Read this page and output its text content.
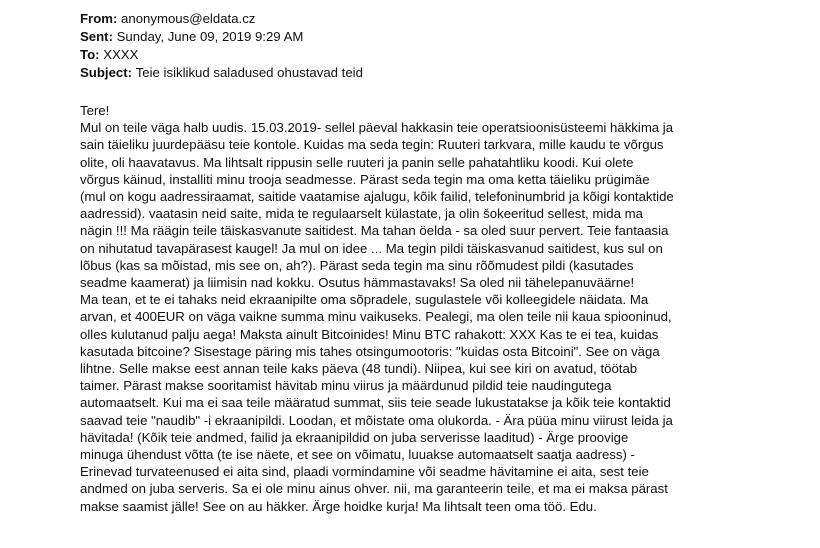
From: anonymous@eldata.cz
Sent: Sunday, June 09, 2019 9:29 AM
To: XXXX
Subject: Teie isiklikud saladused ohustavad teid
Tere!
Mul on teile väga halb uudis. 15.03.2019- sellel päeval hakkasin teie operatsioonisüsteemi häkkima ja
sain täieliku juurdepääsu teie kontole. Kuidas ma seda tegin: Ruuteri tarkvara, mille kaudu te võrgus
olite, oli haavatavus. Ma lihtsalt rippusin selle ruuteri ja panin selle pahatahtliku koodi. Kui olete
võrgus käinud, installiti minu trooja seadmesse. Pärast seda tegin ma oma ketta täieliku prügimäe
(mul on kogu aadressiraamat, saitide vaatamise ajalugu, kõik failid, telefoninumbrid ja kõigi kontaktide
aadressid). vaatasin neid saite, mida te regulaarselt külastate, ja olin šokeeritud sellest, mida ma
nägin !!! Ma räägin teile täiskasvanute saitidest. Ma tahan öelda - sa oled suur pervert. Teie fantaasia
on nihutatud tavapärasest kaugel! Ja mul on idee ... Ma tegin pildi täiskasvanud saitidest, kus sul on
lõbus (kas sa mõistad, mis see on, ah?). Pärast seda tegin ma sinu rõõmudest pildi (kasutades
seadme kaamerat) ja liimisin nad kokku. Osutus hämmastavaks! Sa oled nii tähelepanuväärne!
Ma tean, et te ei tahaks neid ekraanipilte oma sõpradele, sugulastele või kolleegidele näidata. Ma
arvan, et 400EUR on väga vaikne summa minu vaikuseks. Pealegi, ma olen teile nii kaua spiooninud,
olles kulutanud palju aega! Maksta ainult Bitcoinides! Minu BTC rahakott: XXX Kas te ei tea, kuidas
kasutada bitcoine? Sisestage päring mis tahes otsingumootoris: "kuidas osta Bitcoini". See on väga
lihtne. Selle makse eest annan teile kaks päeva (48 tundi). Niipea, kui see kiri on avatud, töötab
taimer. Pärast makse sooritamist hävitab minu viirus ja määrdunud pildid teie naudingutega
automaatselt. Kui ma ei saa teile määratud summat, siis teie seade lukustatakse ja kõik teie kontaktid
saavad teie "naudib" -i ekraanipildi. Loodan, et mõistate oma olukorda. - Ära püüa minu viirust leida ja
hävitada! (Kõik teie andmed, failid ja ekraanipildid on juba serverisse laaditud) - Ärge proovige
minuga ühendust võtta (te ise näete, et see on võimatu, luuakse automaatselt saatja aadress) -
Erinevad turvateenused ei aita sind, plaadi vormindamine või seadme hävitamine ei aita, sest teie
andmed on juba serveris. Sa ei ole minu ainus ohver. nii, ma garanteerin teile, et ma ei maksa pärast
makse saamist jälle! See on au häkker. Ärge hoidke kurja! Ma lihtsalt teen oma töö. Edu.
